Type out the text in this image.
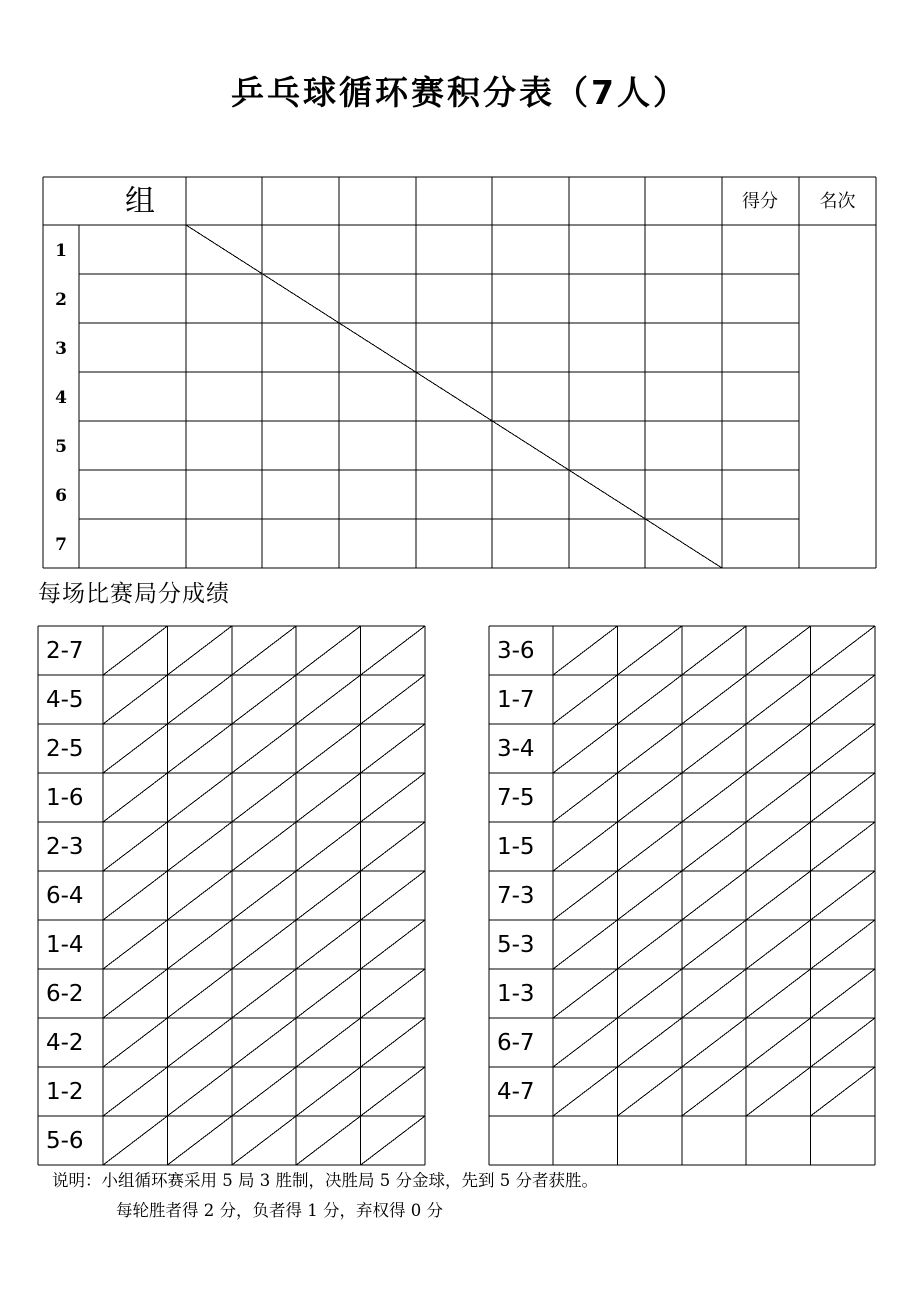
乒乓球循环赛积分表（7人）
组	得分	名次
1
2
3
4
5
6
7
每场比赛局分成绩
2-7
4-5
2-5
1-6
2-3
6-4
1-4
6-2
4-2
1-2
5-6
3-6
1-7
3-4
7-5
1-5
7-3
5-3
1-3
6-7
4-7
说明：小组循环赛采用 5 局 3 胜制，决胜局 5 分金球，先到 5 分者获胜。
每轮胜者得 2 分，负者得 1 分，弃权得 0 分
